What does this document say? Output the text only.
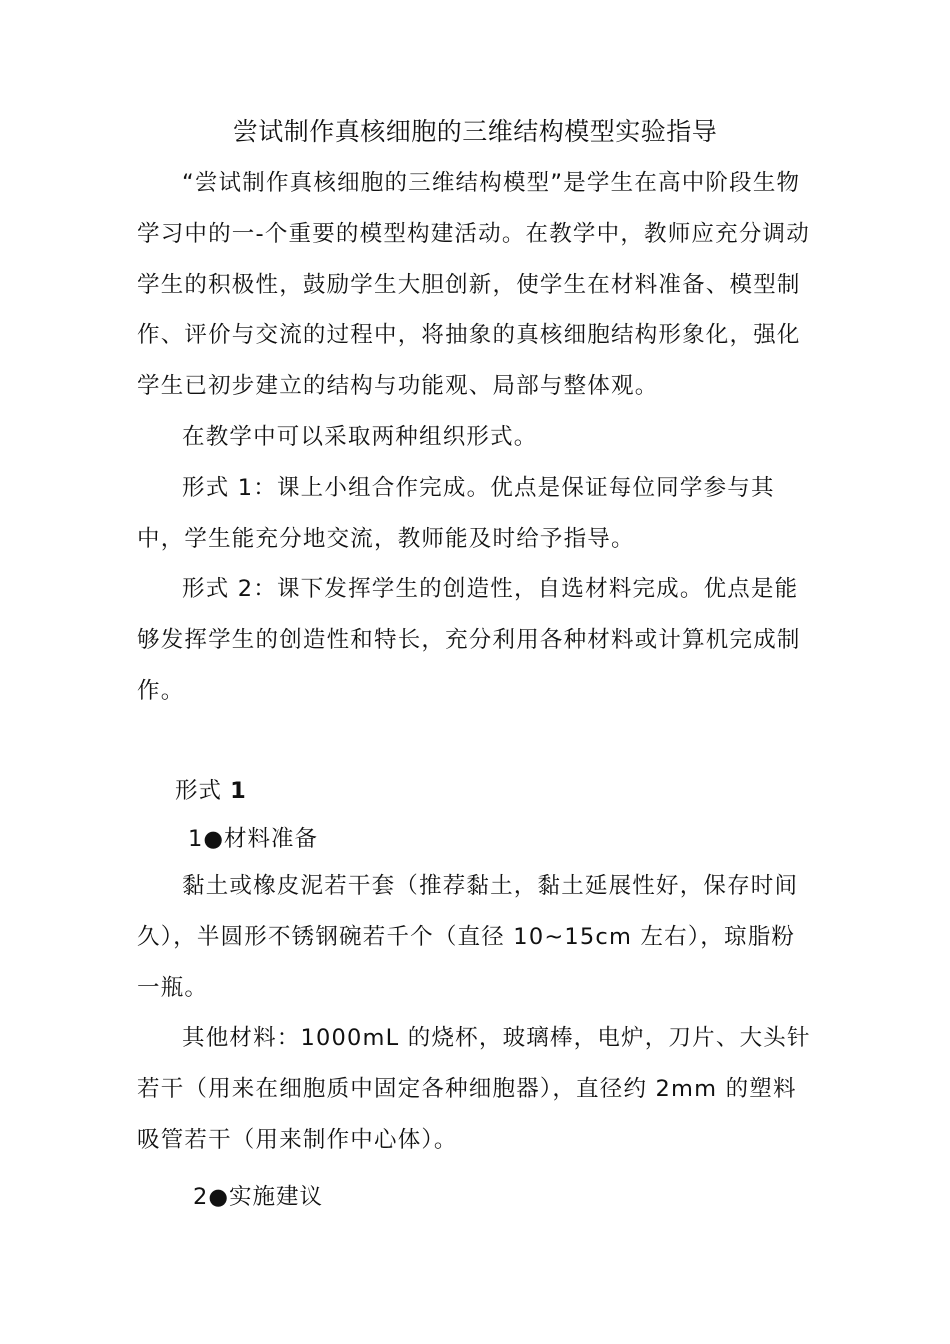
尝试制作真核细胞的三维结构模型实验指导

“尝试制作真核细胞的三维结构模型”是学生在高中阶段生物学习中的一-个重要的模型构建活动。在教学中，教师应充分调动学生的积极性，鼓励学生大胆创新，使学生在材料准备、模型制作、评价与交流的过程中，将抽象的真核细胞结构形象化，强化学生已初步建立的结构与功能观、局部与整体观。

在教学中可以采取两种组织形式。

形式 1：课上小组合作完成。优点是保证每位同学参与其中，学生能充分地交流，教师能及时给予指导。

形式 2：课下发挥学生的创造性，自选材料完成。优点是能够发挥学生的创造性和特长，充分利用各种材料或计算机完成制作。

形式 1
1●材料准备

黏土或橡皮泥若干套（推荐黏土，黏土延展性好，保存时间久），半圆形不锈钢碗若千个（直径 10~15cm 左右），琼脂粉一瓶。

其他材料：1000mL 的烧杯，玻璃棒，电炉，刀片、大头针若干（用来在细胞质中固定各种细胞器），直径约 2mm 的塑料吸管若干（用来制作中心体）。

2●实施建议
